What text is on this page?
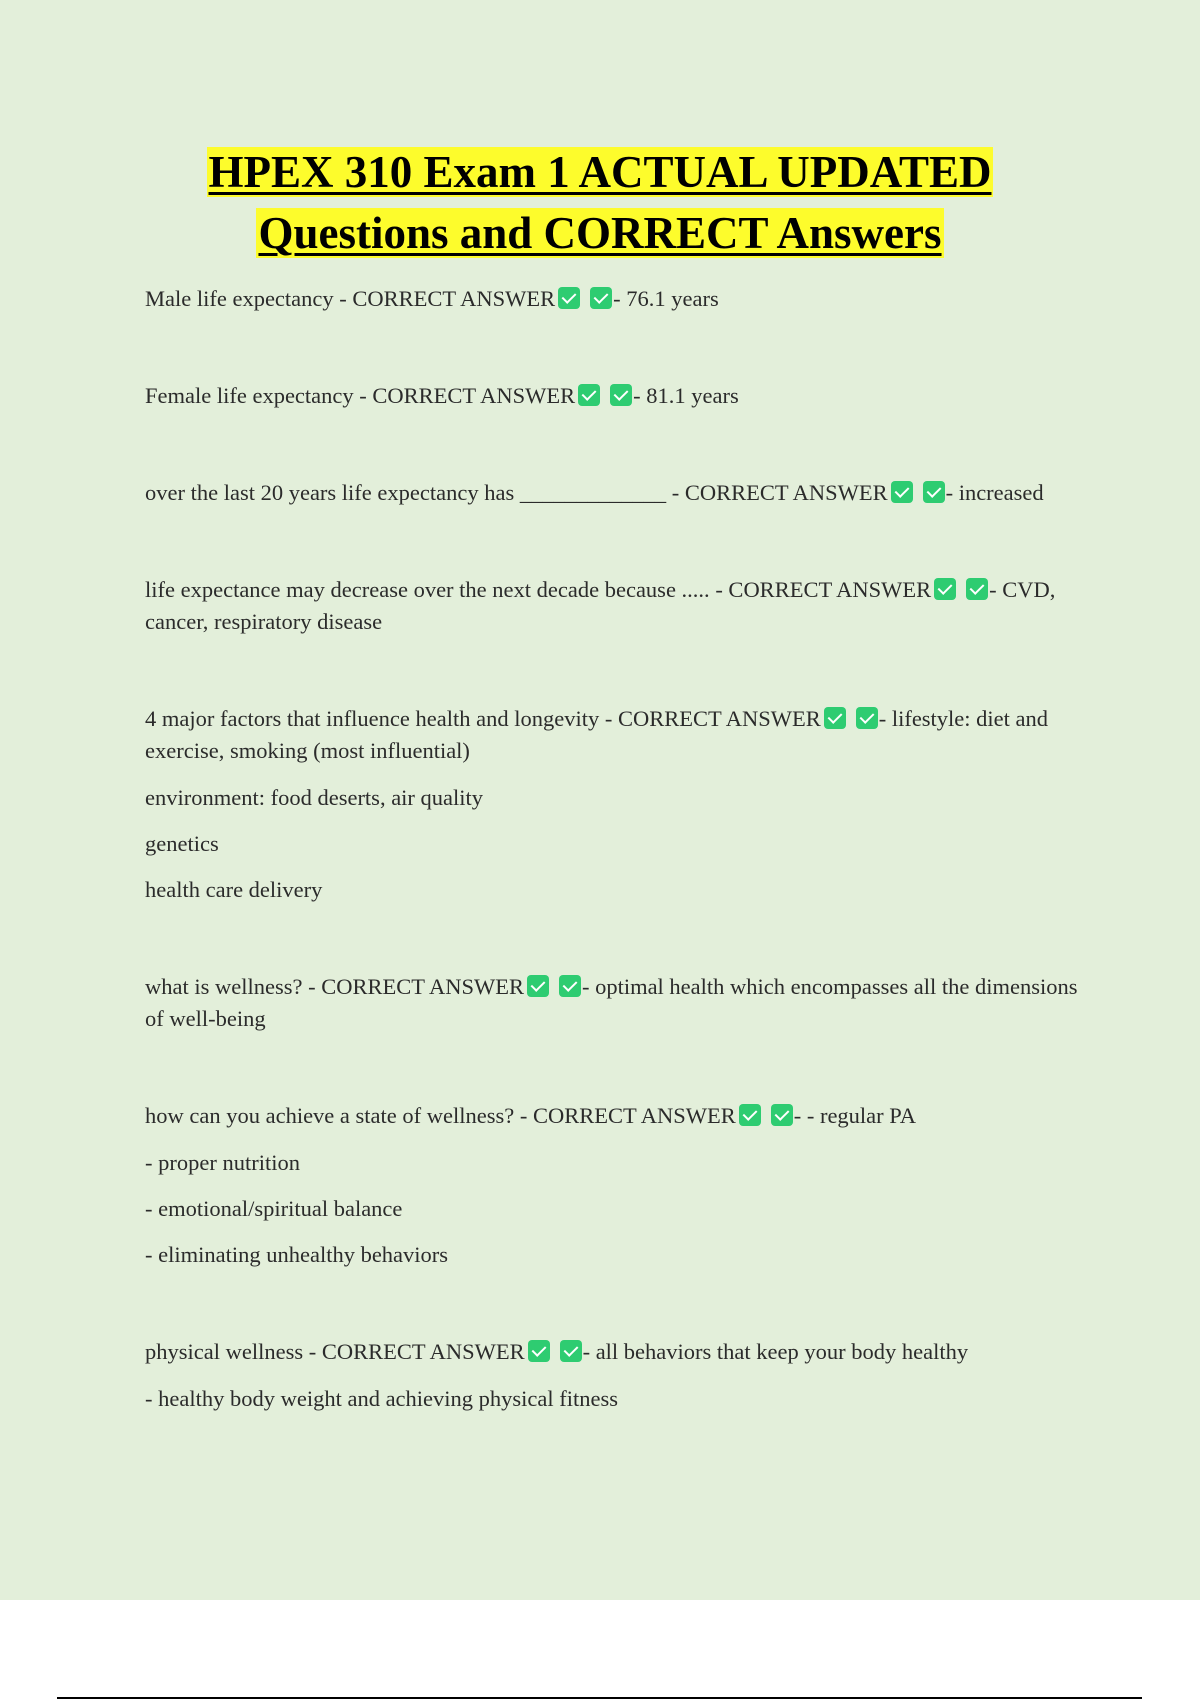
HPEX 310 Exam 1 ACTUAL UPDATED
Questions and CORRECT Answers

Male life expectancy - CORRECT ANSWER	- 76.1 years

Female life expectancy - CORRECT ANSWER	- 81.1 years

over the last 20 years life expectancy has _____________ - CORRECT ANSWER	- increased

life expectance may decrease over the next decade because ..... - CORRECT ANSWER	- CVD, cancer, respiratory disease

4 major factors that influence health and longevity - CORRECT ANSWER	- lifestyle: diet and exercise, smoking (most influential)

environment: food deserts, air quality

genetics

health care delivery

what is wellness? - CORRECT ANSWER	- optimal health which encompasses all the dimensions of well-being

how can you achieve a state of wellness? - CORRECT ANSWER	- - regular PA

- proper nutrition

- emotional/spiritual balance

- eliminating unhealthy behaviors

physical wellness - CORRECT ANSWER	- all behaviors that keep your body healthy

- healthy body weight and achieving physical fitness
